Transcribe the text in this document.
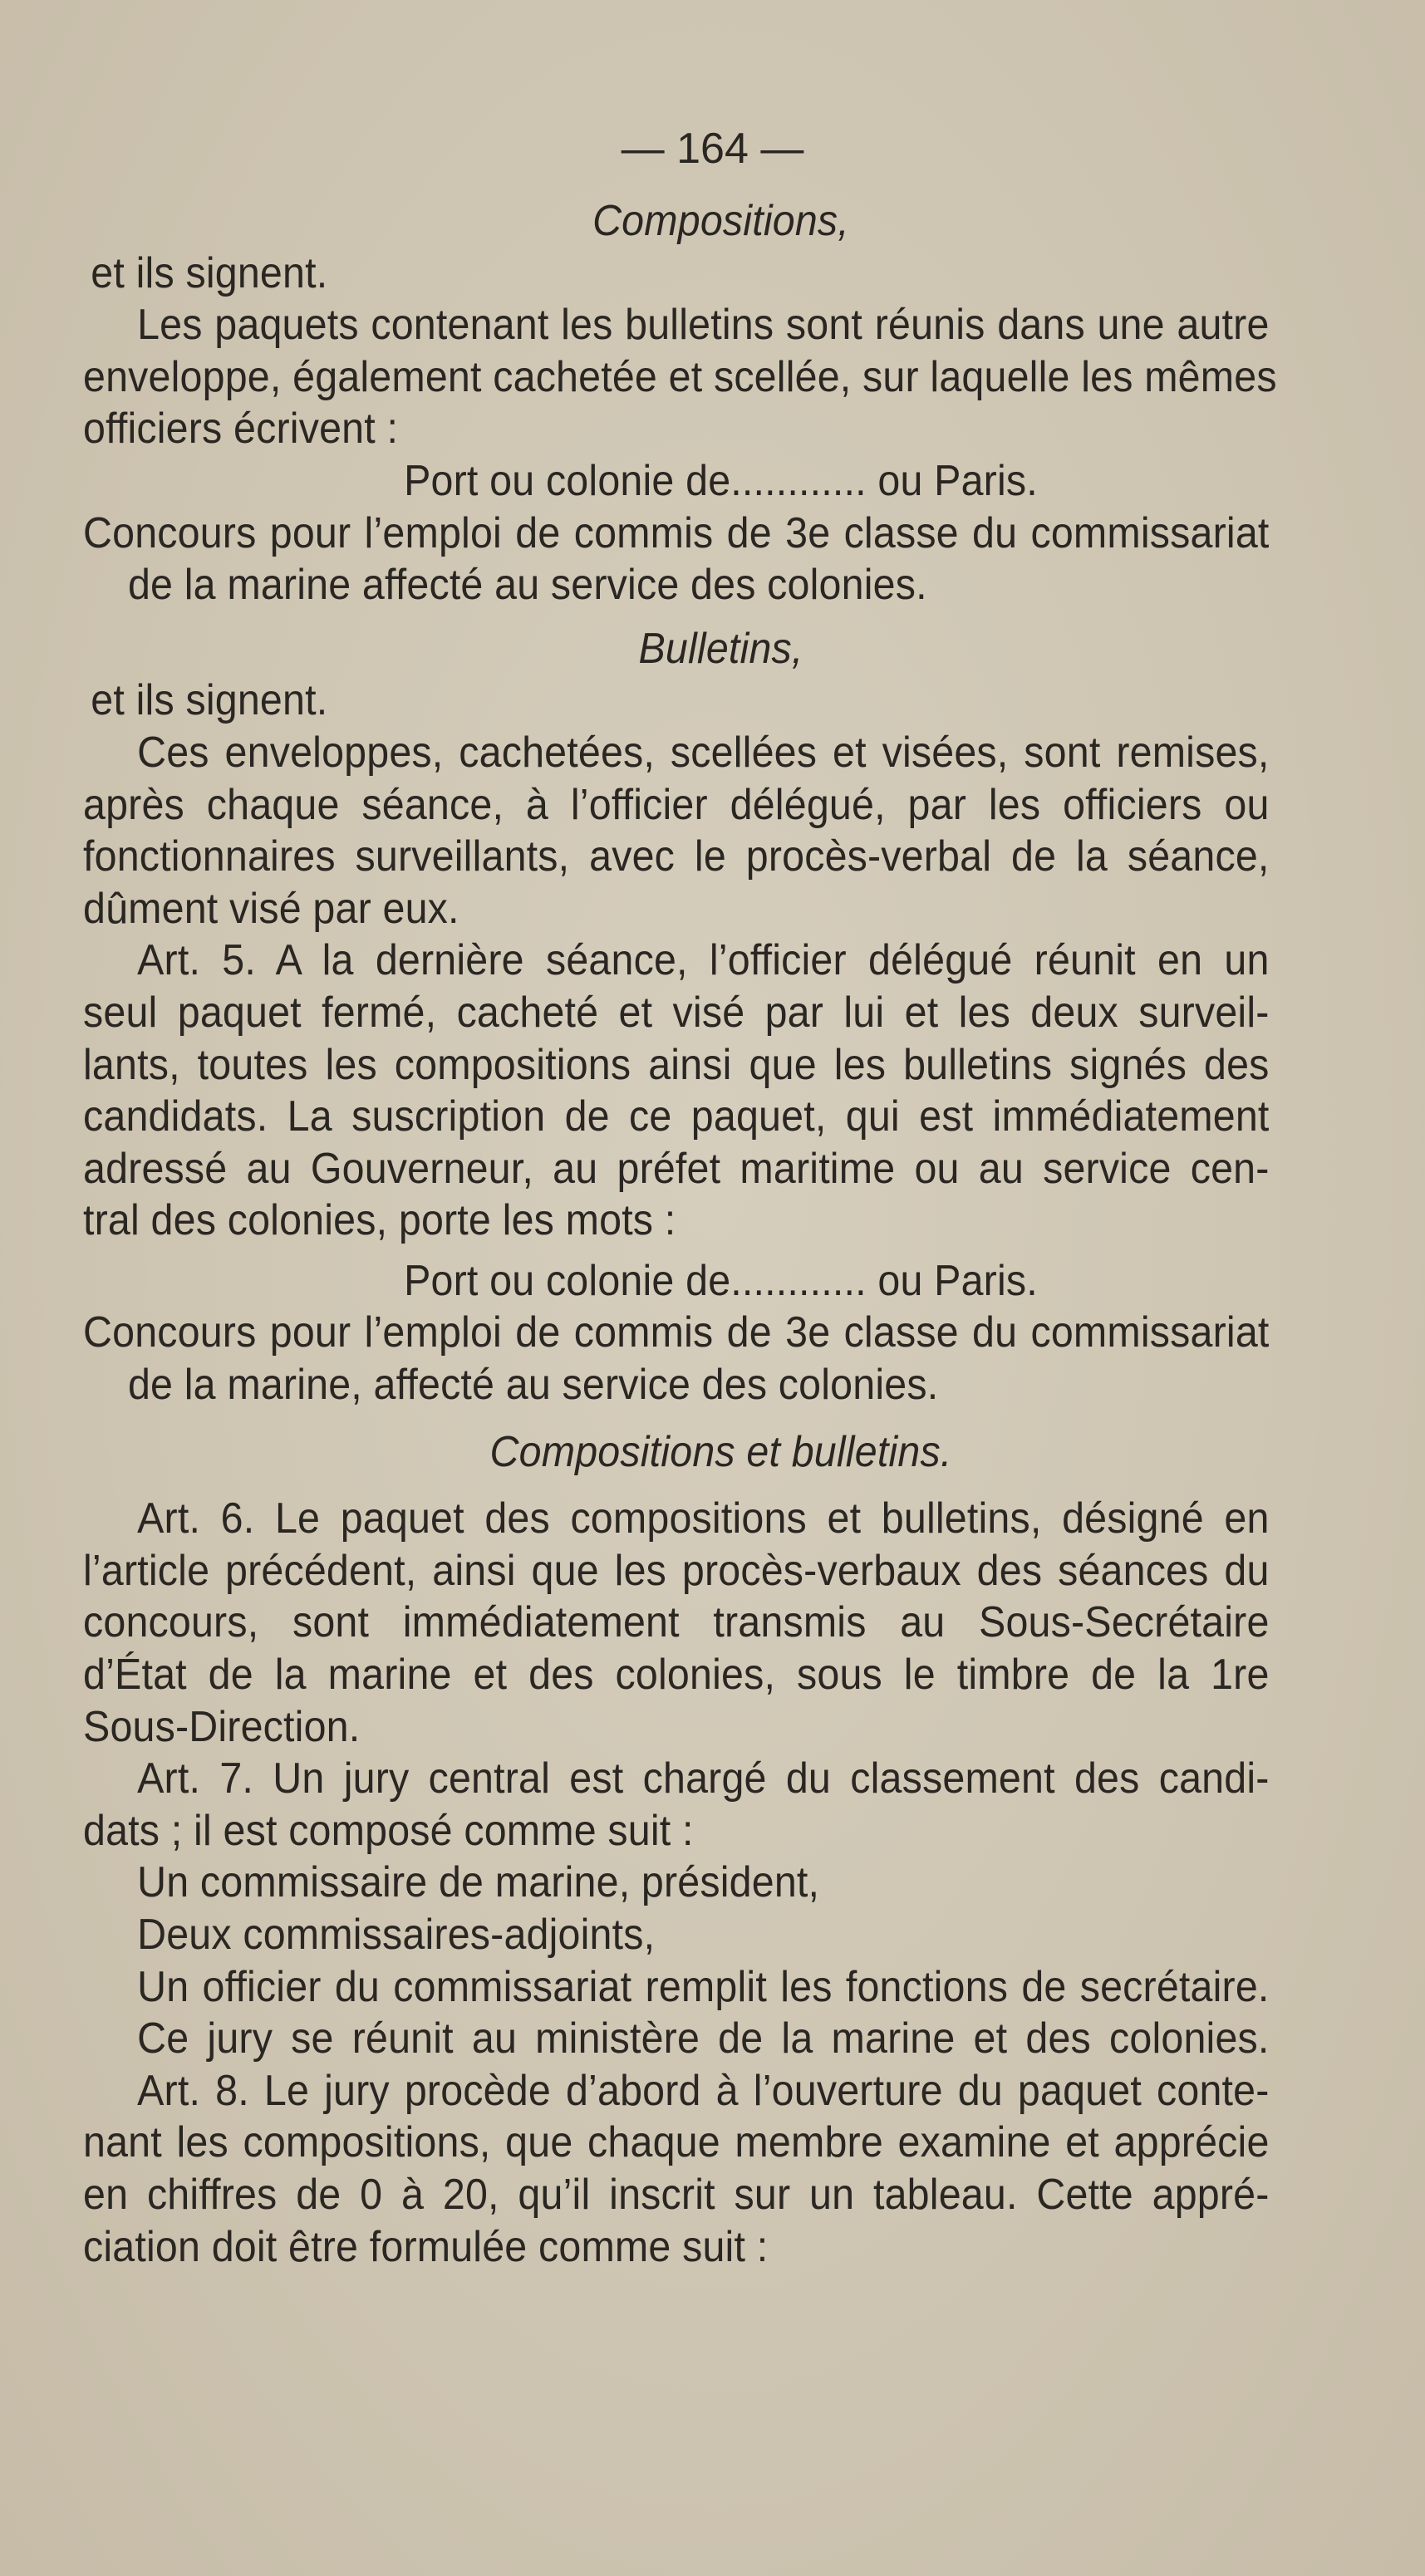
— 164 —
Compositions,
et ils signent.
Les paquets contenant les bulletins sont réunis dans une autre
enveloppe, également cachetée et scellée, sur laquelle les mêmes
officiers écrivent :
Port ou colonie de............ ou Paris.
Concours pour l’emploi de commis de 3e classe du commissariat
de la marine affecté au service des colonies.
Bulletins,
et ils signent.
Ces enveloppes, cachetées, scellées et visées, sont remises,
après chaque séance, à l’officier délégué, par les officiers ou
fonctionnaires surveillants, avec le procès-verbal de la séance,
dûment visé par eux.
Art. 5. A la dernière séance, l’officier délégué réunit en un
seul paquet fermé, cacheté et visé par lui et les deux surveil-
lants, toutes les compositions ainsi que les bulletins signés des
candidats. La suscription de ce paquet, qui est immédiatement
adressé au Gouverneur, au préfet maritime ou au service cen-
tral des colonies, porte les mots :
Port ou colonie de............ ou Paris.
Concours pour l’emploi de commis de 3e classe du commissariat
de la marine, affecté au service des colonies.
Compositions et bulletins.
Art. 6. Le paquet des compositions et bulletins, désigné en
l’article précédent, ainsi que les procès-verbaux des séances du
concours, sont immédiatement transmis au Sous-Secrétaire
d’État de la marine et des colonies, sous le timbre de la 1re
Sous-Direction.
Art. 7. Un jury central est chargé du classement des candi-
dats ; il est composé comme suit :
Un commissaire de marine, président,
Deux commissaires-adjoints,
Un officier du commissariat remplit les fonctions de secrétaire.
Ce jury se réunit au ministère de la marine et des colonies.
Art. 8. Le jury procède d’abord à l’ouverture du paquet conte-
nant les compositions, que chaque membre examine et apprécie
en chiffres de 0 à 20, qu’il inscrit sur un tableau. Cette appré-
ciation doit être formulée comme suit :
